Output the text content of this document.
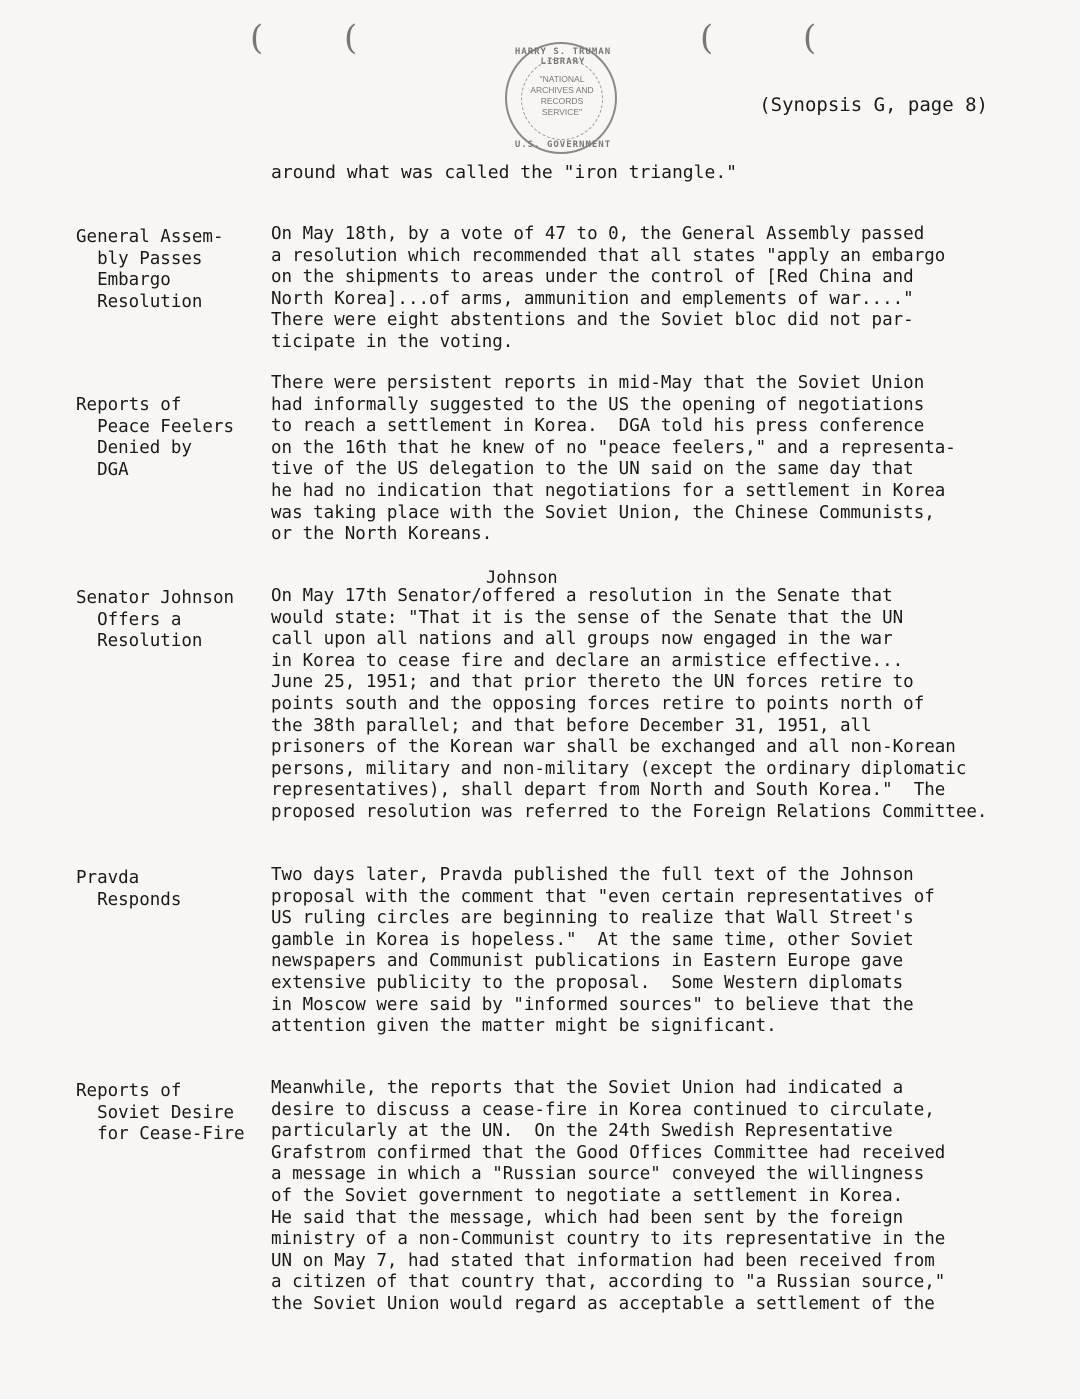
( (	(	(
HARRY S. TRUMAN LIBRARY
"NATIONAL ARCHIVES AND RECORDS SERVICE"
U.S. GOVERNMENT
(Synopsis G, page 8)
around what was called the "iron triangle."
General Assem-
bly Passes
Embargo
Resolution
On May 18th, by a vote of 47 to 0, the General Assembly passed
a resolution which recommended that all states "apply an embargo
on the shipments to areas under the control of [Red China and
North Korea]...of arms, ammunition and emplements of war...."
There were eight abstentions and the Soviet bloc did not par-
ticipate in the voting.
Reports of
Peace Feelers
Denied by
DGA
There were persistent reports in mid-May that the Soviet Union
had informally suggested to the US the opening of negotiations
to reach a settlement in Korea.  DGA told his press conference
on the 16th that he knew of no "peace feelers," and a representa-
tive of the US delegation to the UN said on the same day that
he had no indication that negotiations for a settlement in Korea
was taking place with the Soviet Union, the Chinese Communists,
or the North Koreans.
Johnson
Senator Johnson
Offers a
Resolution
On May 17th Senator/offered a resolution in the Senate that
would state: "That it is the sense of the Senate that the UN
call upon all nations and all groups now engaged in the war
in Korea to cease fire and declare an armistice effective...
June 25, 1951; and that prior thereto the UN forces retire to
points south and the opposing forces retire to points north of
the 38th parallel; and that before December 31, 1951, all
prisoners of the Korean war shall be exchanged and all non-Korean
persons, military and non-military (except the ordinary diplomatic
representatives), shall depart from North and South Korea."  The
proposed resolution was referred to the Foreign Relations Committee.
Pravda
Responds
Two days later, Pravda published the full text of the Johnson
proposal with the comment that "even certain representatives of
US ruling circles are beginning to realize that Wall Street's
gamble in Korea is hopeless."  At the same time, other Soviet
newspapers and Communist publications in Eastern Europe gave
extensive publicity to the proposal.  Some Western diplomats
in Moscow were said by "informed sources" to believe that the
attention given the matter might be significant.
Reports of
Soviet Desire
for Cease-Fire
Meanwhile, the reports that the Soviet Union had indicated a
desire to discuss a cease-fire in Korea continued to circulate,
particularly at the UN.  On the 24th Swedish Representative
Grafstrom confirmed that the Good Offices Committee had received
a message in which a "Russian source" conveyed the willingness
of the Soviet government to negotiate a settlement in Korea.
He said that the message, which had been sent by the foreign
ministry of a non-Communist country to its representative in the
UN on May 7, had stated that information had been received from
a citizen of that country that, according to "a Russian source,"
the Soviet Union would regard as acceptable a settlement of the
